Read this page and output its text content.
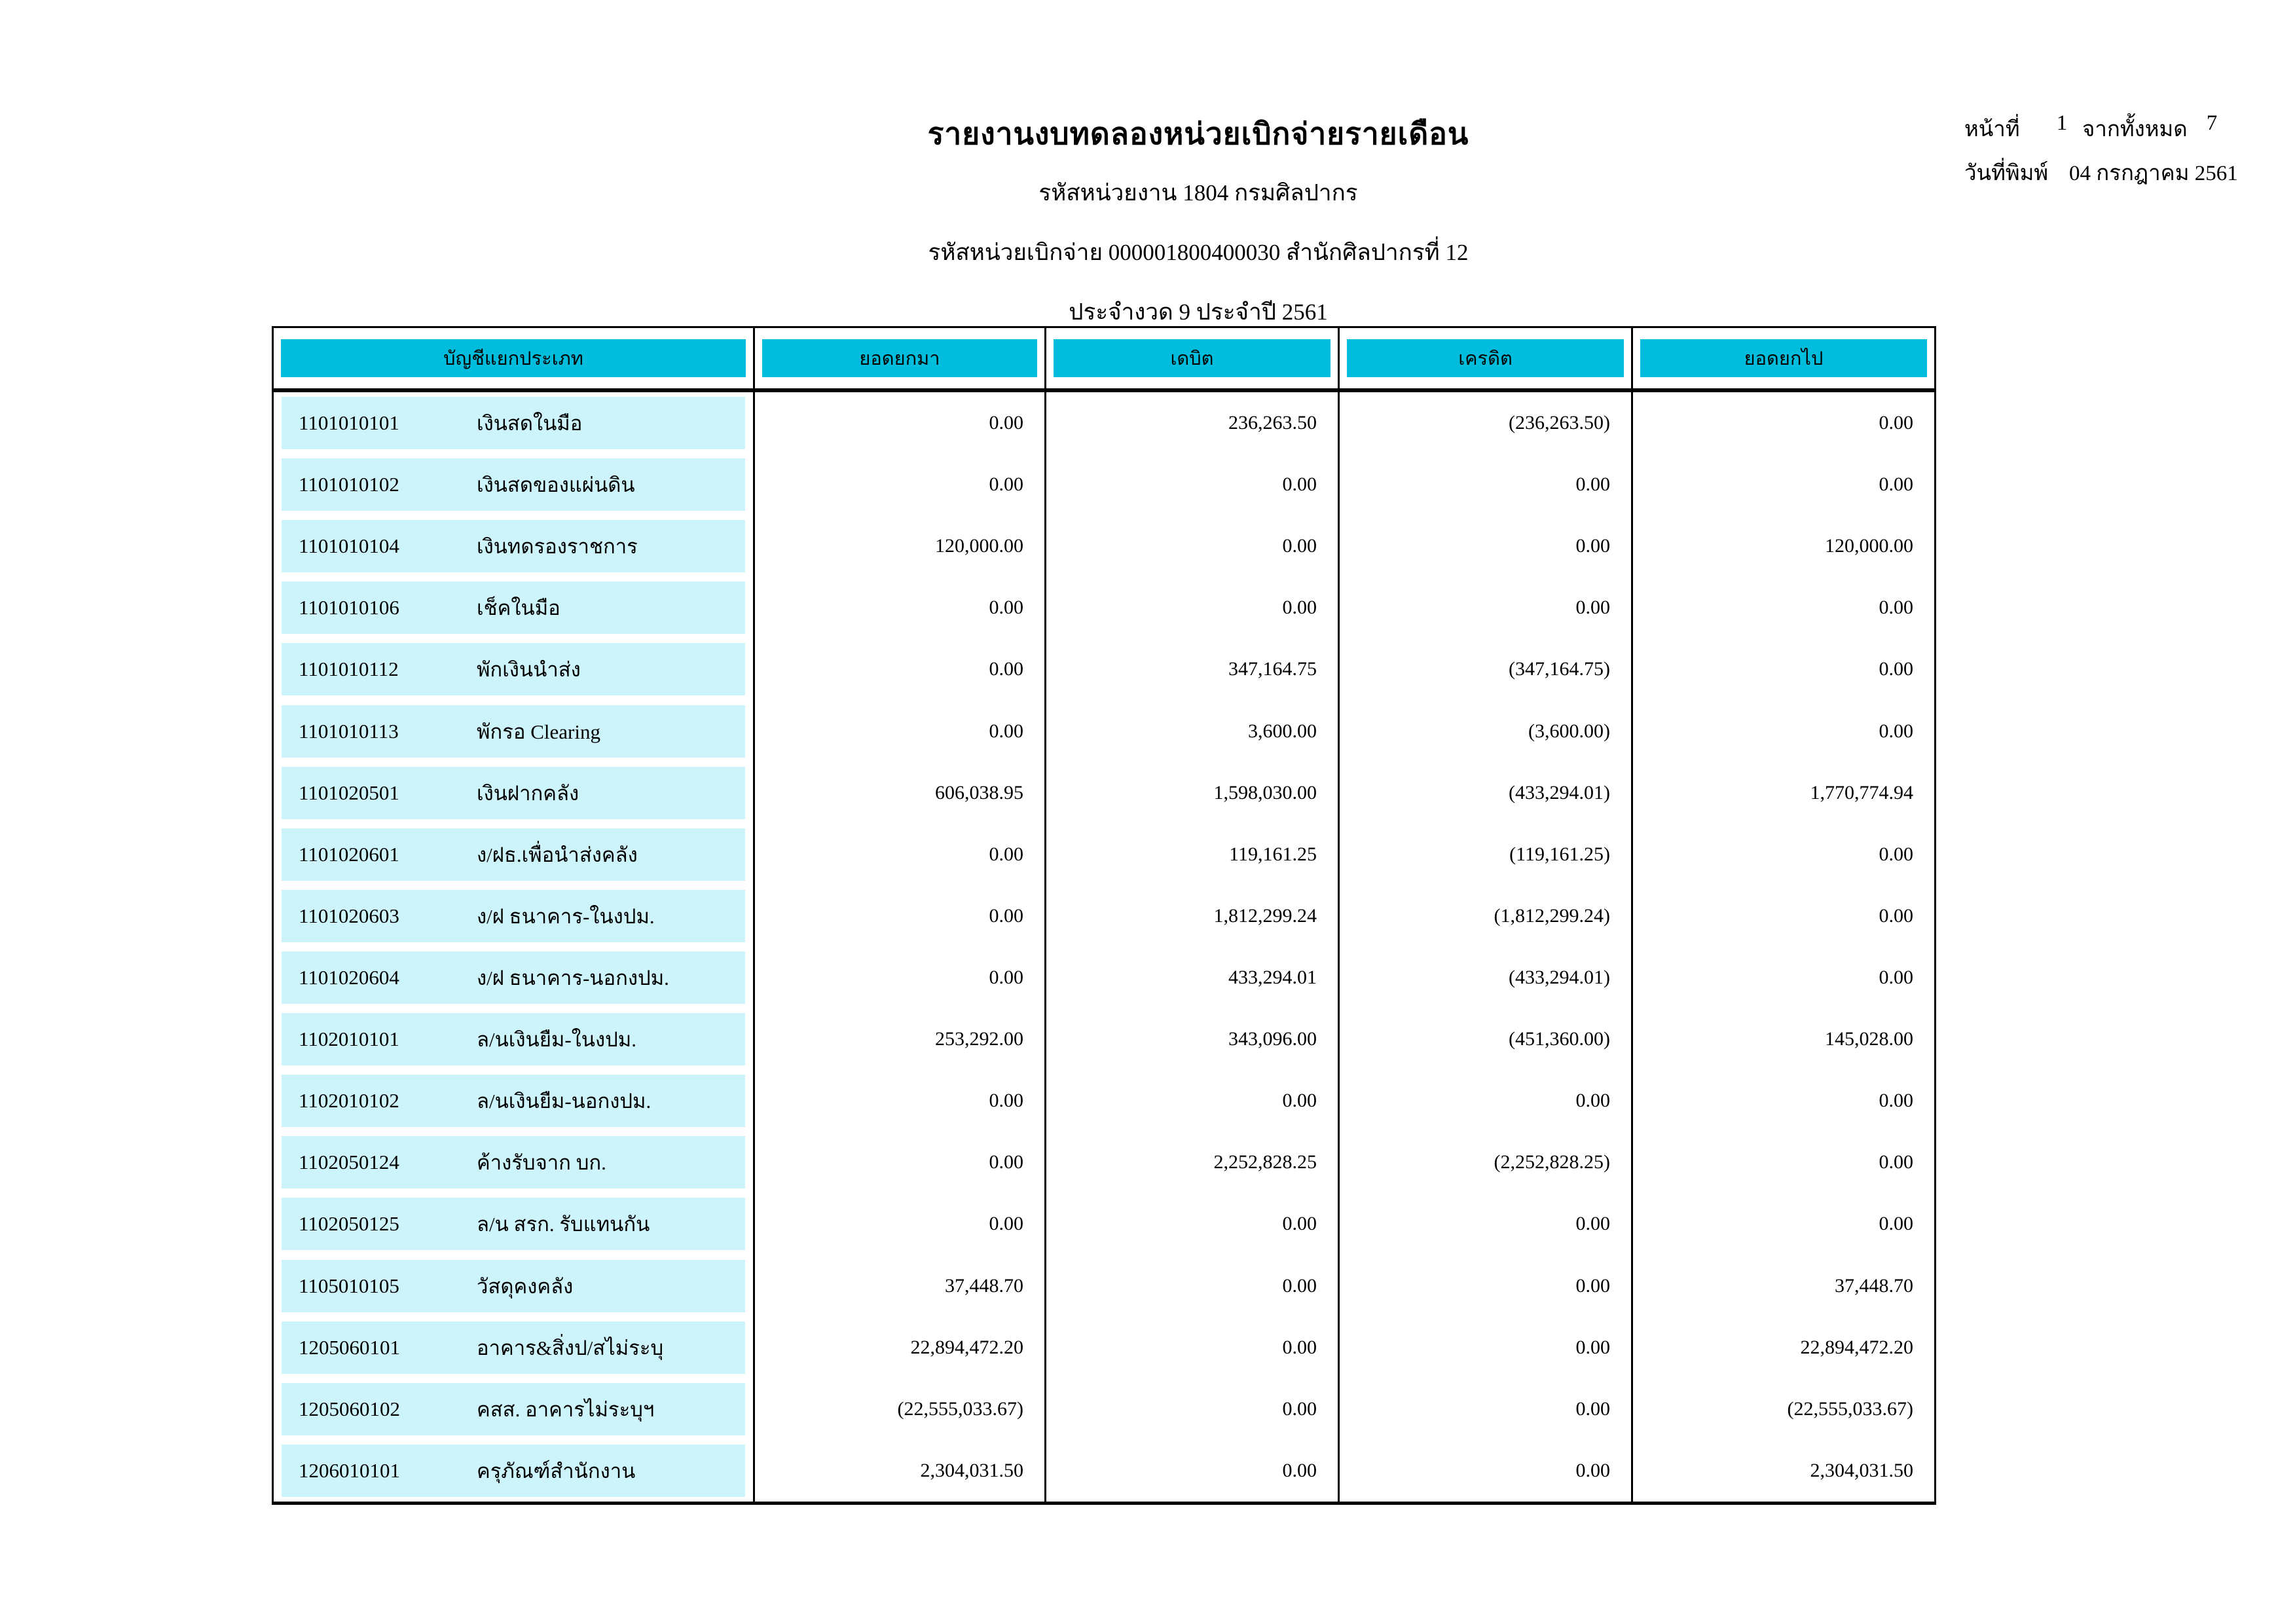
รายงานงบทดลองหน่วยเบิกจ่ายรายเดือน
รหัสหน่วยงาน 1804 กรมศิลปากร
รหัสหน่วยเบิกจ่าย 000001800400030 สำนักศิลปากรที่ 12
ประจำงวด 9 ประจำปี 2561
หน้าที่	1 จากทั้งหมด 7
วันที่พิมพ์ 04 กรกฎาคม 2561
บัญชีแยกประเภท	ยอดยกมา	เดบิต	เครดิต	ยอดยกไป
1101010101	เงินสดในมือ	0.00	236,263.50	(236,263.50)	0.00
1101010102	เงินสดของแผ่นดิน	0.00	0.00	0.00	0.00
1101010104	เงินทดรองราชการ	120,000.00	0.00	0.00	120,000.00
1101010106	เช็คในมือ	0.00	0.00	0.00	0.00
1101010112	พักเงินนำส่ง	0.00	347,164.75	(347,164.75)	0.00
1101010113	พักรอ Clearing	0.00	3,600.00	(3,600.00)	0.00
1101020501	เงินฝากคลัง	606,038.95	1,598,030.00	(433,294.01)	1,770,774.94
1101020601	ง/ฝธ.เพื่อนำส่งคลัง	0.00	119,161.25	(119,161.25)	0.00
1101020603	ง/ฝ ธนาคาร-ในงปม.	0.00	1,812,299.24	(1,812,299.24)	0.00
1101020604	ง/ฝ ธนาคาร-นอกงปม.	0.00	433,294.01	(433,294.01)	0.00
1102010101	ล/นเงินยืม-ในงปม.	253,292.00	343,096.00	(451,360.00)	145,028.00
1102010102	ล/นเงินยืม-นอกงปม.	0.00	0.00	0.00	0.00
1102050124	ค้างรับจาก บก.	0.00	2,252,828.25	(2,252,828.25)	0.00
1102050125	ล/น สรก. รับแทนกัน	0.00	0.00	0.00	0.00
1105010105	วัสดุคงคลัง	37,448.70	0.00	0.00	37,448.70
1205060101	อาคาร&สิ่งป/สไม่ระบุ	22,894,472.20	0.00	0.00	22,894,472.20
1205060102	คสส. อาคารไม่ระบุฯ	(22,555,033.67)	0.00	0.00	(22,555,033.67)
1206010101	ครุภัณฑ์สำนักงาน	2,304,031.50	0.00	0.00	2,304,031.50
